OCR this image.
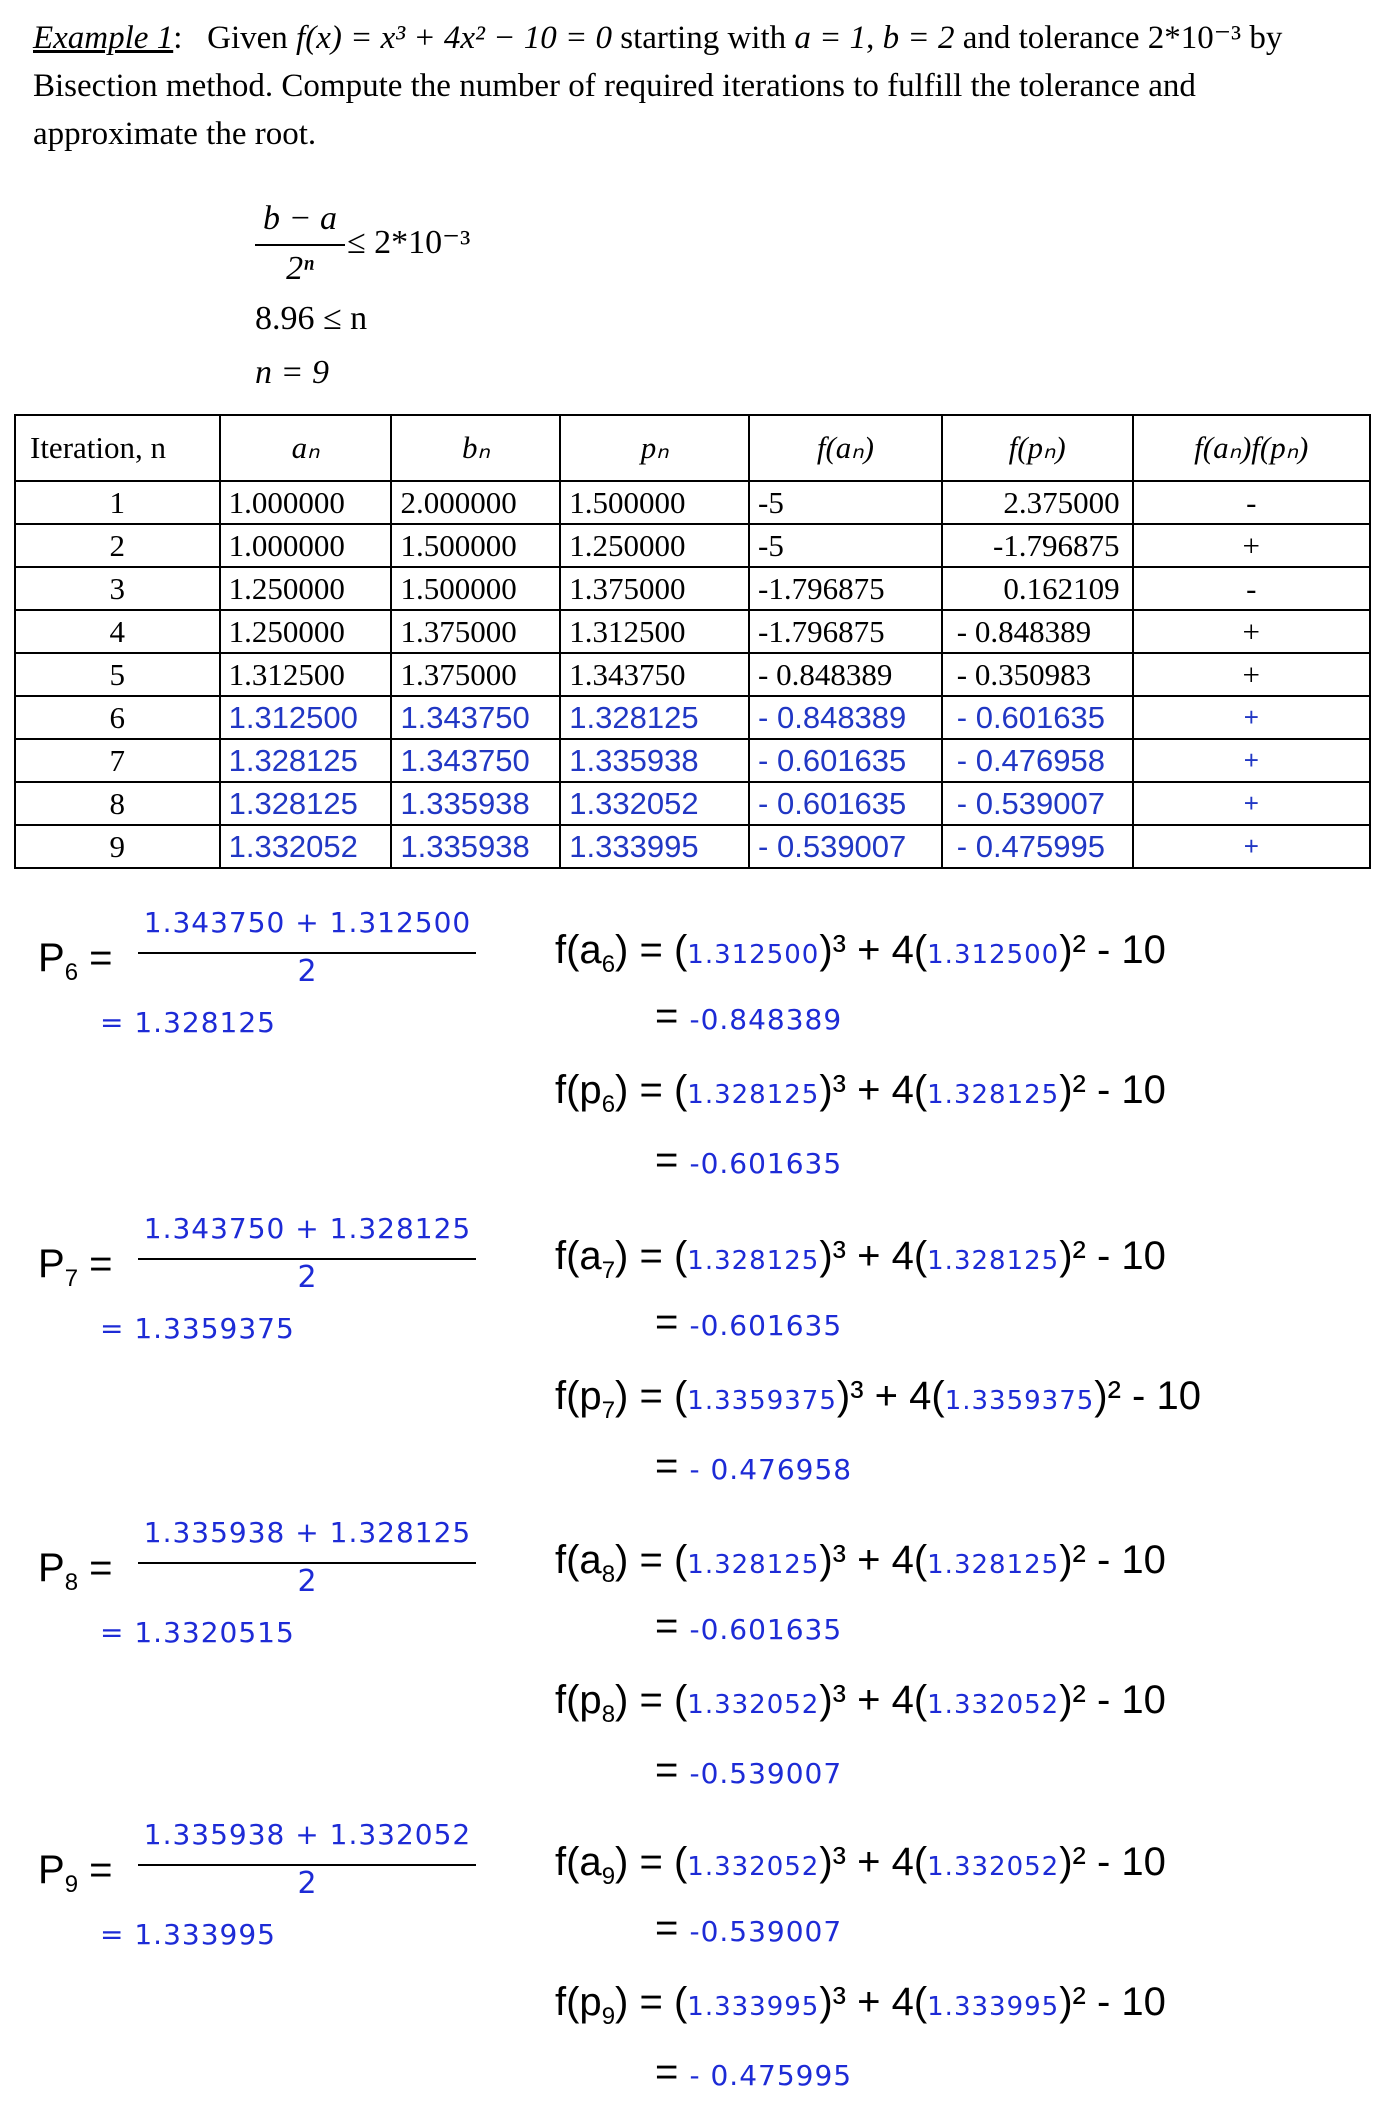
Example 1:   Given f(x) = x³ + 4x² − 10 = 0 starting with a = 1, b = 2 and tolerance 2*10⁻³ by Bisection method. Compute the number of required iterations to fulfill the tolerance and approximate the root.
b − a
2ⁿ
≤ 2*10⁻³
8.96 ≤ n
n = 9
Iteration, n	aₙ	bₙ	pₙ	f(aₙ)	f(pₙ)	f(aₙ)f(pₙ)
1	1.000000	2.000000	1.500000	-5	2.375000	-
2	1.000000	1.500000	1.250000	-5	-1.796875	+
3	1.250000	1.500000	1.375000	-1.796875	0.162109	-
4	1.250000	1.375000	1.312500	-1.796875	- 0.848389	+
5	1.312500	1.375000	1.343750	- 0.848389	- 0.350983	+
6	1.312500	1.343750	1.328125	- 0.848389	- 0.601635	+
7	1.328125	1.343750	1.335938	- 0.601635	- 0.476958	+
8	1.328125	1.335938	1.332052	- 0.601635	- 0.539007	+
9	1.332052	1.335938	1.333995	- 0.539007	- 0.475995	+
$P_6$ =
1.343750 + 1.312500
2
= 1.328125
$f(a_6) = (1.312500)^3 + 4(1.312500)^2 - 10$
= -0.848389
$f(p_6) = (1.328125)^3 + 4(1.328125)^2 - 10$
= -0.601635
$P_7$ =
1.343750 + 1.328125
2
= 1.3359375
$f(a_7) = (1.328125)^3 + 4(1.328125)^2 - 10$
= -0.601635
$f(p_7) = (1.3359375)^3 + 4(1.3359375)^2 - 10$
= - 0.476958
$P_8$ =
1.335938 + 1.328125
2
= 1.3320515
$f(a_8) = (1.328125)^3 + 4(1.328125)^2 - 10$
= -0.601635
$f(p_8) = (1.332052)^3 + 4(1.332052)^2 - 10$
= -0.539007
$P_9$ =
1.335938 + 1.332052
2
= 1.333995
$f(a_9) = (1.332052)^3 + 4(1.332052)^2 - 10$
= -0.539007
$f(p_9) = (1.333995)^3 + 4(1.333995)^2 - 10$
= - 0.475995
